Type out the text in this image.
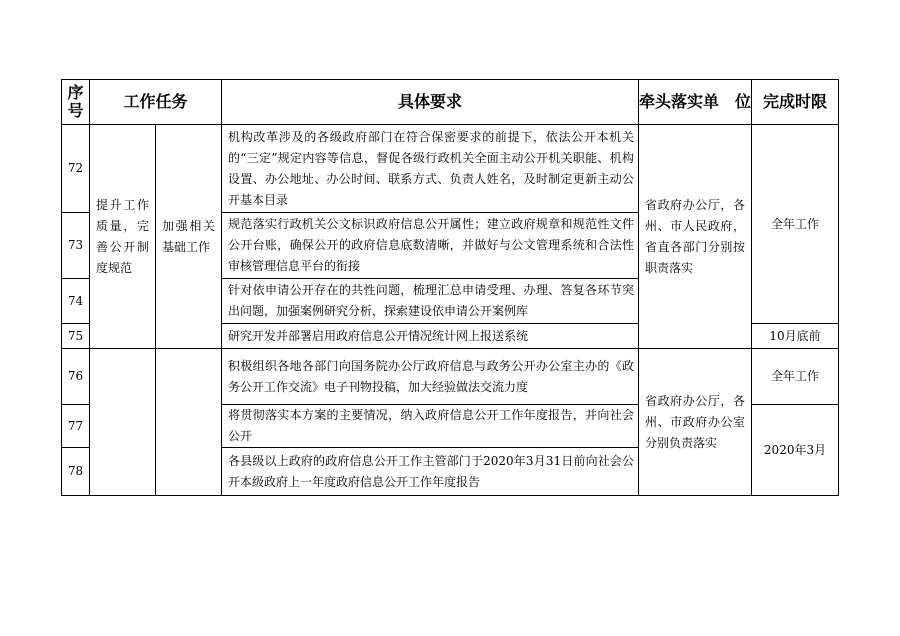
序号	工作任务		具体要求	牵头落实单　位	完成时限
72	提升工作质量，完善公开制度规范	加强相关基础工作	机构改革涉及的各级政府部门在符合保密要求的前提下，依法公开本机关的“三定”规定内容等信息，督促各级行政机关全面主动公开机关职能、机构设置、办公地址、办公时间、联系方式、负责人姓名，及时制定更新主动公开基本目录	省政府办公厅，各州、市人民政府，省直各部门分别按职责落实	全年工作
73			规范落实行政机关公文标识政府信息公开属性；建立政府规章和规范性文件公开台账，确保公开的政府信息底数清晰，并做好与公文管理系统和合法性审核管理信息平台的衔接		
74			针对依申请公开存在的共性问题，梳理汇总申请受理、办理、答复各环节突出问题，加强案例研究分析，探索建设依申请公开案例库		
75			研究开发并部署启用政府信息公开情况统计网上报送系统		10月底前
76			积极组织各地各部门向国务院办公厅政府信息与政务公开办公室主办的《政务公开工作交流》电子刊物投稿，加大经验做法交流力度	省政府办公厅，各州、市政府办公室分别负责落实	全年工作
77			将贯彻落实本方案的主要情况，纳入政府信息公开工作年度报告，并向社会公开		2020年3月
78			各县级以上政府的政府信息公开工作主管部门于2020年3月31日前向社会公开本级政府上一年度政府信息公开工作年度报告		
